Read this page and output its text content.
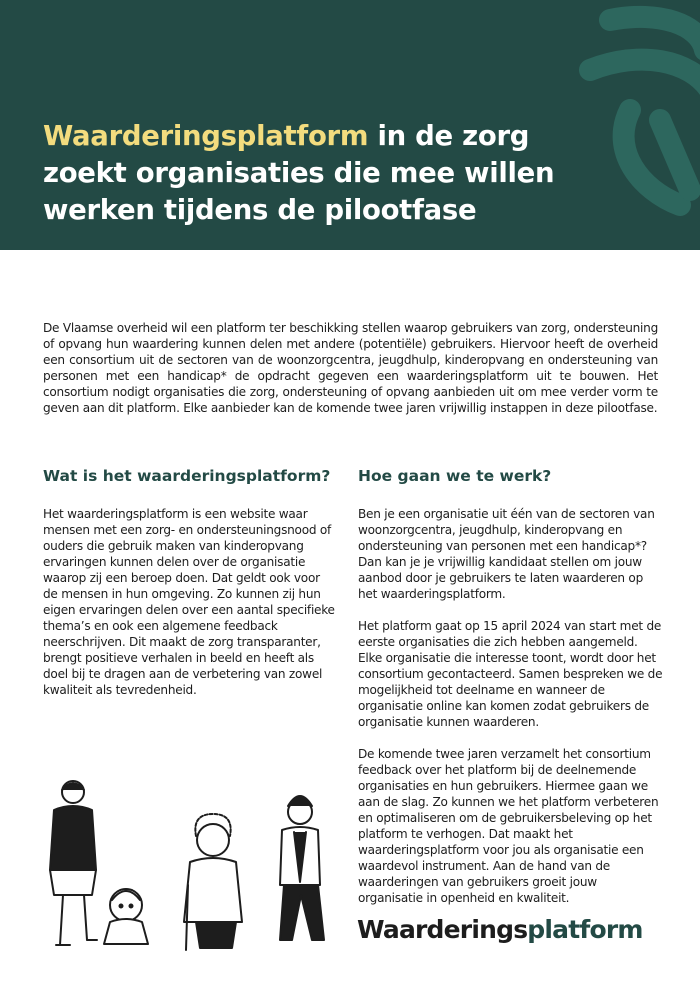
Waarderingsplatform in de zorg
zoekt organisaties die mee willen
werken tijdens de pilootfase

De Vlaamse overheid wil een platform ter beschikking stellen waarop gebruikers van zorg, ondersteuning of opvang hun waardering kunnen delen met andere (potentiële) gebruikers. Hiervoor heeft de overheid een consortium uit de sectoren van de woonzorgcentra, jeugdhulp, kinderopvang en ondersteuning van personen met een handicap* de opdracht gegeven een waarderingsplatform uit te bouwen. Het consortium nodigt organisaties die zorg, ondersteuning of opvang aanbieden uit om mee verder vorm te geven aan dit platform. Elke aanbieder kan de komende twee jaren vrijwillig instappen in deze pilootfase.

Wat is het waarderingsplatform?

Het waarderingsplatform is een website waar mensen met een zorg- en ondersteuningsnood of ouders die gebruik maken van kinderopvang ervaringen kunnen delen over de organisatie waarop zij een beroep doen. Dat geldt ook voor de mensen in hun omgeving. Zo kunnen zij hun eigen ervaringen delen over een aantal specifieke thema’s en ook een algemene feedback neerschrijven. Dit maakt de zorg transparanter, brengt positieve verhalen in beeld en heeft als doel bij te dragen aan de verbetering van zowel kwaliteit als tevredenheid.

Hoe gaan we te werk?

Ben je een organisatie uit één van de sectoren van woonzorgcentra, jeugdhulp, kinderopvang en ondersteuning van personen met een handicap*? Dan kan je je vrijwillig kandidaat stellen om jouw aanbod door je gebruikers te laten waarderen op het waarderingsplatform.

Het platform gaat op 15 april 2024 van start met de eerste organisaties die zich hebben aangemeld. Elke organisatie die interesse toont, wordt door het consortium gecontacteerd. Samen bespreken we de mogelijkheid tot deelname en wanneer de organisatie online kan komen zodat gebruikers de organisatie kunnen waarderen.

De komende twee jaren verzamelt het consortium feedback over het platform bij de deelnemende organisaties en hun gebruikers. Hiermee gaan we aan de slag. Zo kunnen we het platform verbeteren en optimaliseren om de gebruikersbeleving op het platform te verhogen. Dat maakt het waarderingsplatform voor jou als organisatie een waardevol instrument. Aan de hand van de waarderingen van gebruikers groeit jouw organisatie in openheid en kwaliteit.

Waarderingsplatform
